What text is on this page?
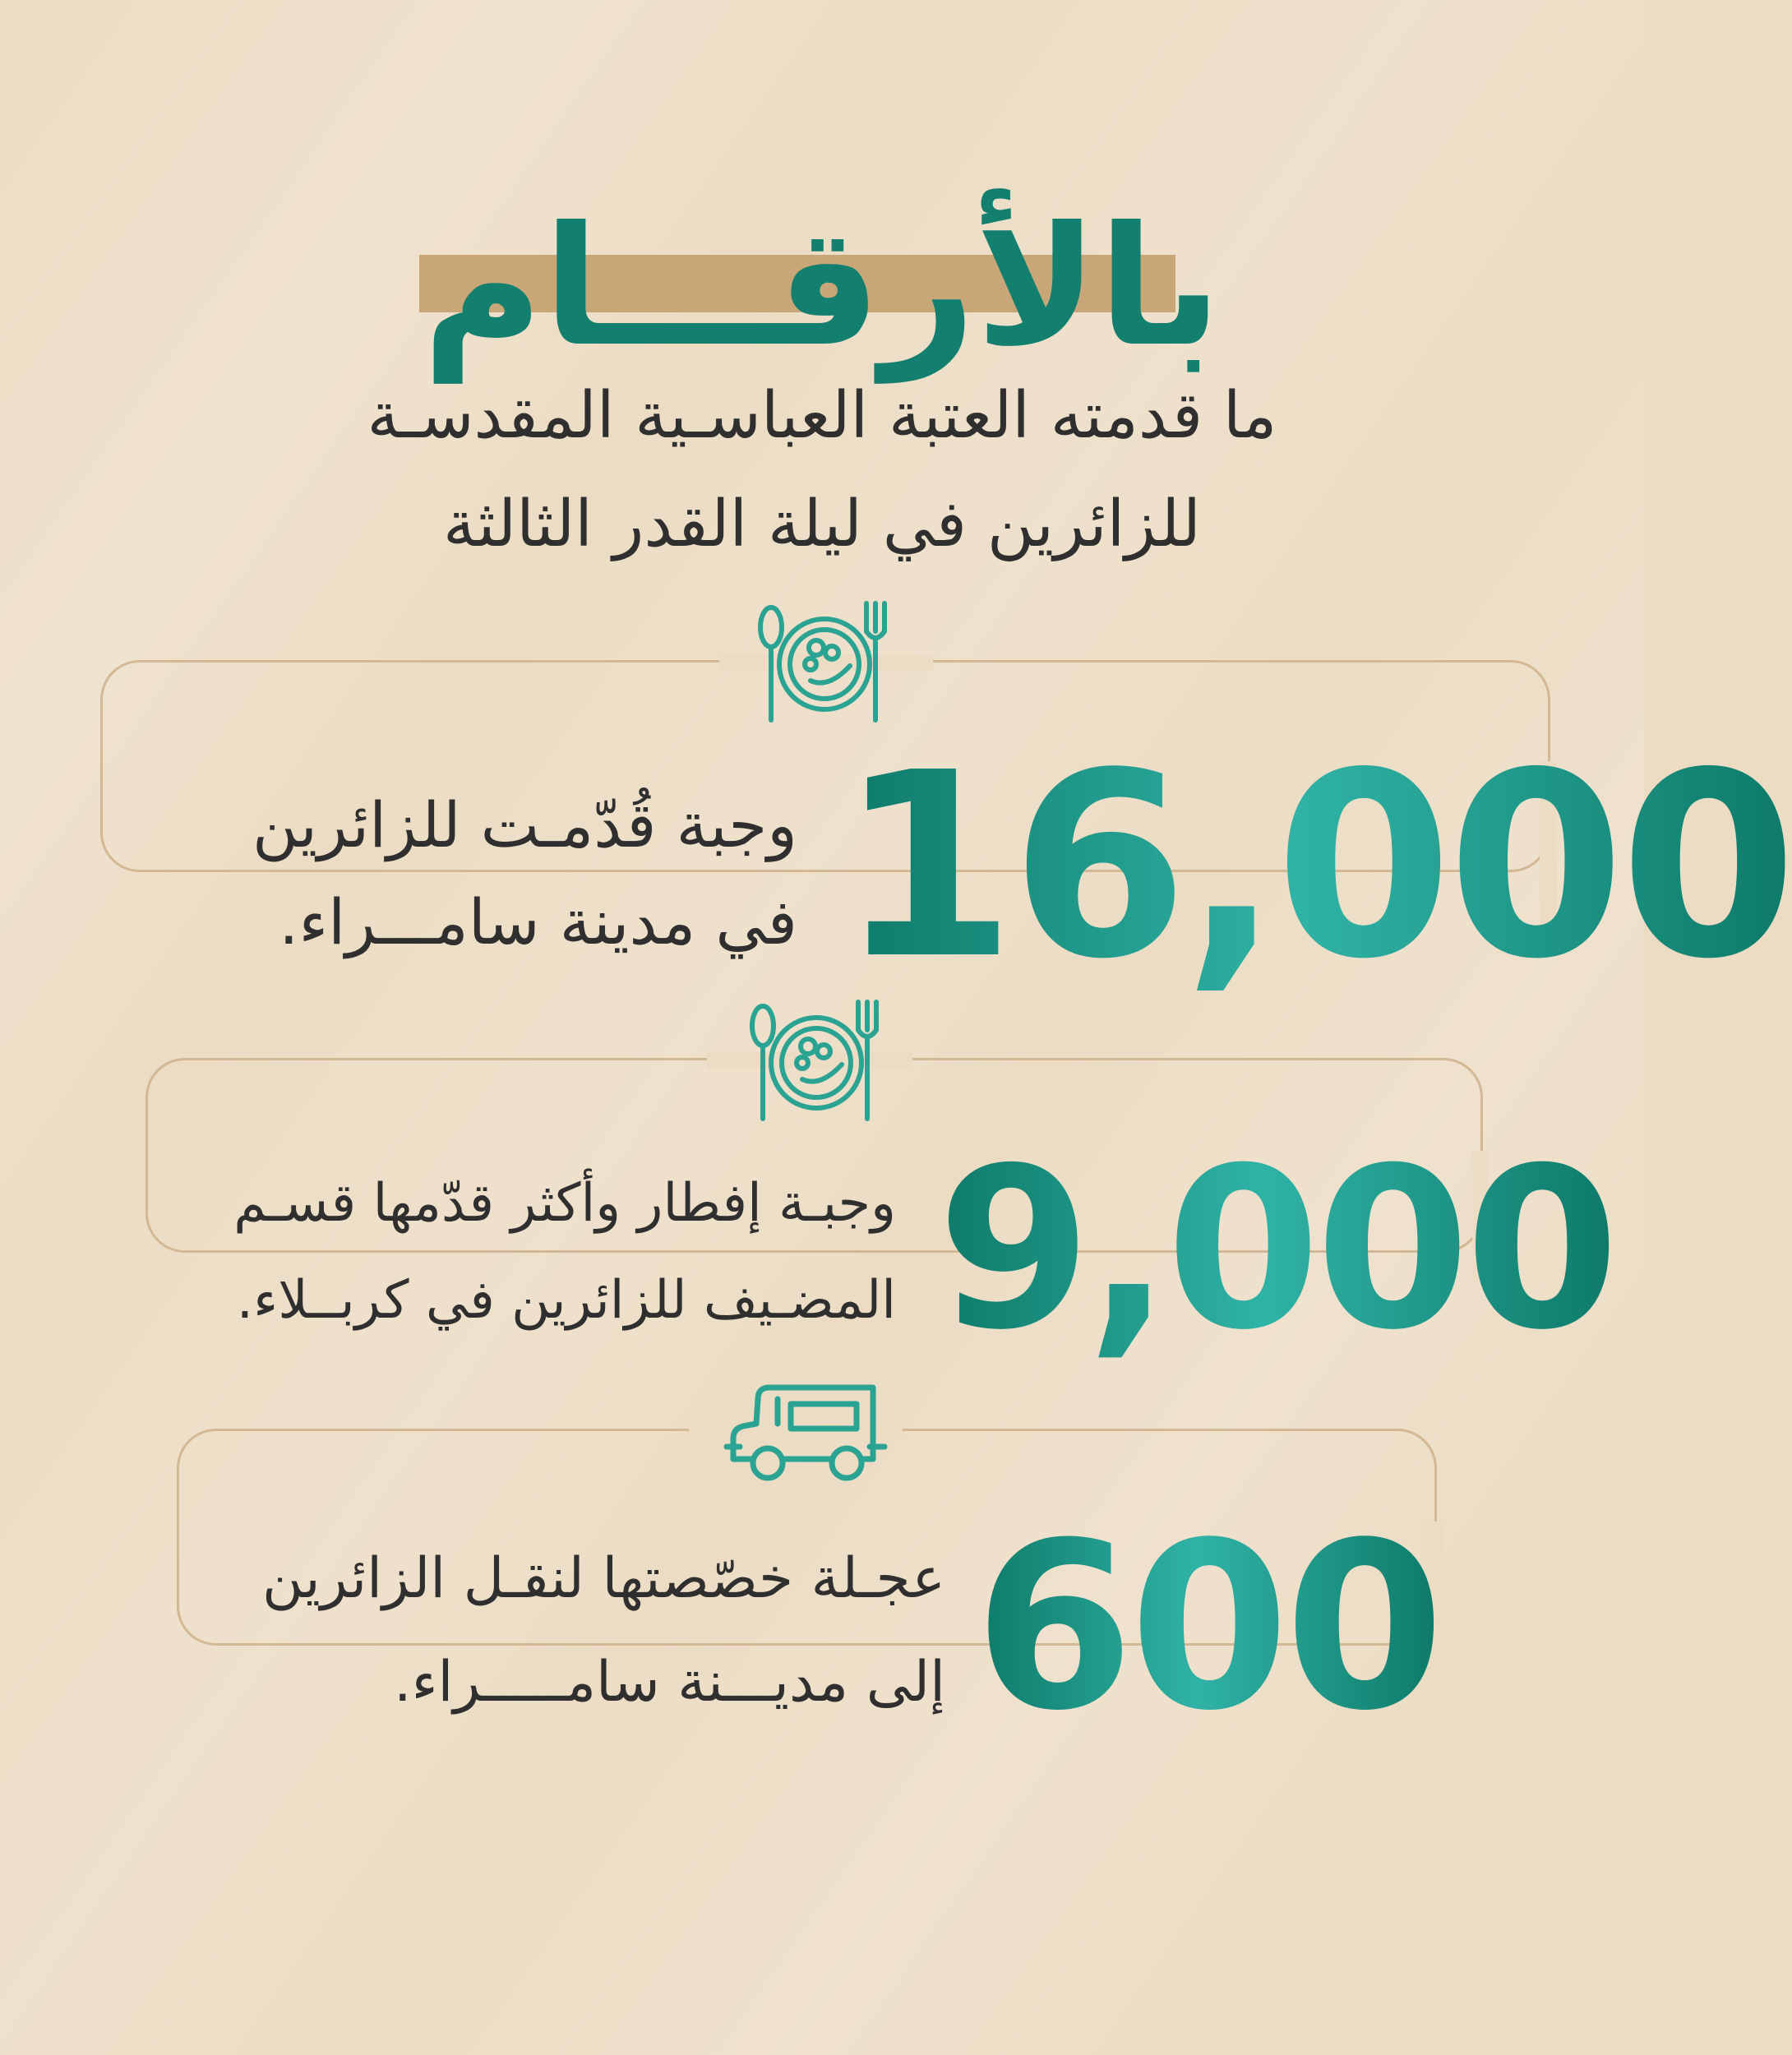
بالأرقـــام
ما قدمته العتبة العباسـية المقدسـة
للزائرين في ليلة القدر الثالثة
16,000
وجبة قُدّمـت للزائرين
في مدينة سامـــراء.
9,000
وجبـة إفطار وأكثر قدّمها قسـم
المضـيف للزائرين في كربــلاء.
600
عجـلة خصّصتها لنقـل الزائرين
إلى مديـــنة سامـــــراء.
